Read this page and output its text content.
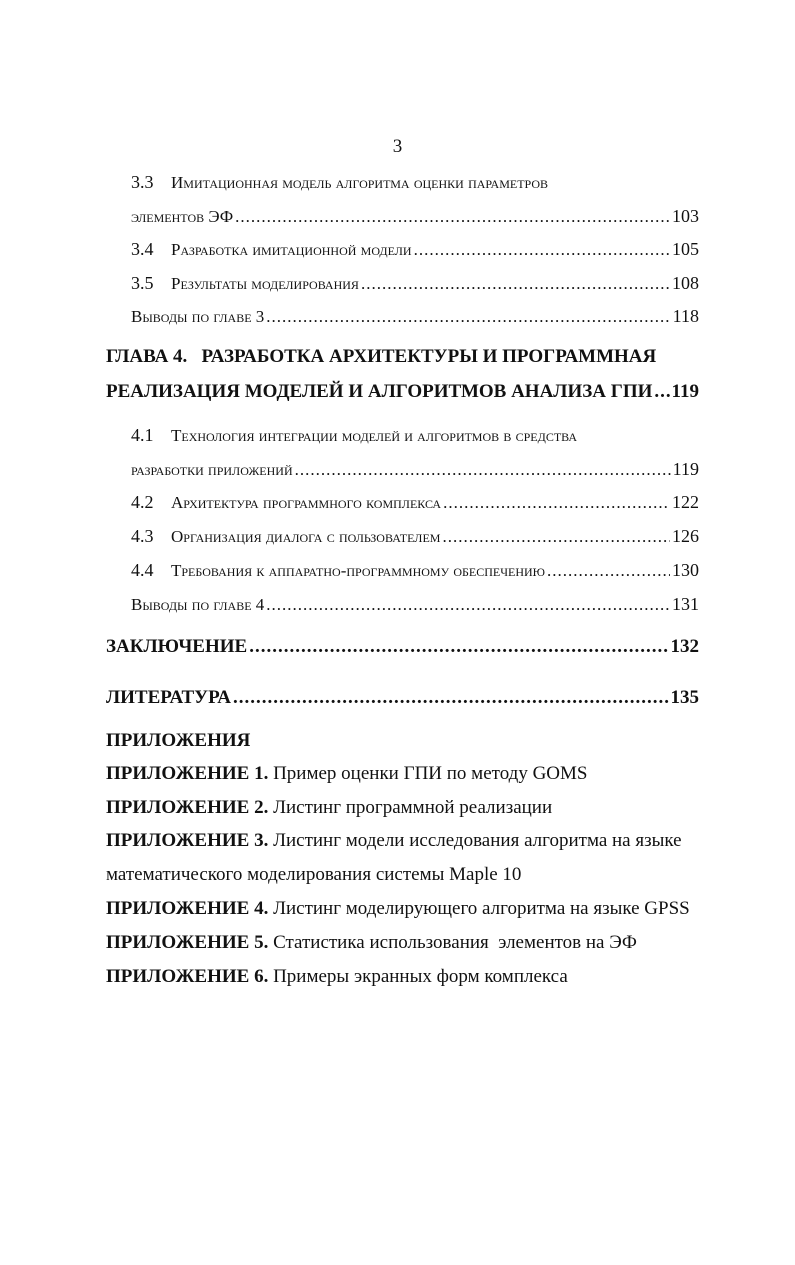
3
3.3	Имитационная модель алгоритма оценки параметров
элементов ЭФ .....	103
3.4	Разработка имитационной модели .....	105
3.5	Результаты моделирования .....	108
Выводы по главе 3 .....	118
ГЛАВА 4.   РАЗРАБОТКА АРХИТЕКТУРЫ И ПРОГРАММНАЯ
РЕАЛИЗАЦИЯ МОДЕЛЕЙ И АЛГОРИТМОВ АНАЛИЗА ГПИ ..... 119
4.1	Технология интеграции моделей и алгоритмов в средства
разработки приложений .....	119
4.2	Архитектура программного комплекса .....	122
4.3	Организация диалога с пользователем .....	126
4.4	Требования к аппаратно-программному обеспечению .....	130
Выводы по главе 4 .....	131
ЗАКЛЮЧЕНИЕ .....	132
ЛИТЕРАТУРА .....	135
ПРИЛОЖЕНИЯ
ПРИЛОЖЕНИЕ 1. Пример оценки ГПИ по методу GOMS
ПРИЛОЖЕНИЕ 2. Листинг программной реализации
ПРИЛОЖЕНИЕ 3. Листинг модели исследования алгоритма на языке
математического моделирования системы Maple 10
ПРИЛОЖЕНИЕ 4. Листинг моделирующего алгоритма на языке GPSS
ПРИЛОЖЕНИЕ 5. Статистика использования  элементов на ЭФ
ПРИЛОЖЕНИЕ 6. Примеры экранных форм комплекса
